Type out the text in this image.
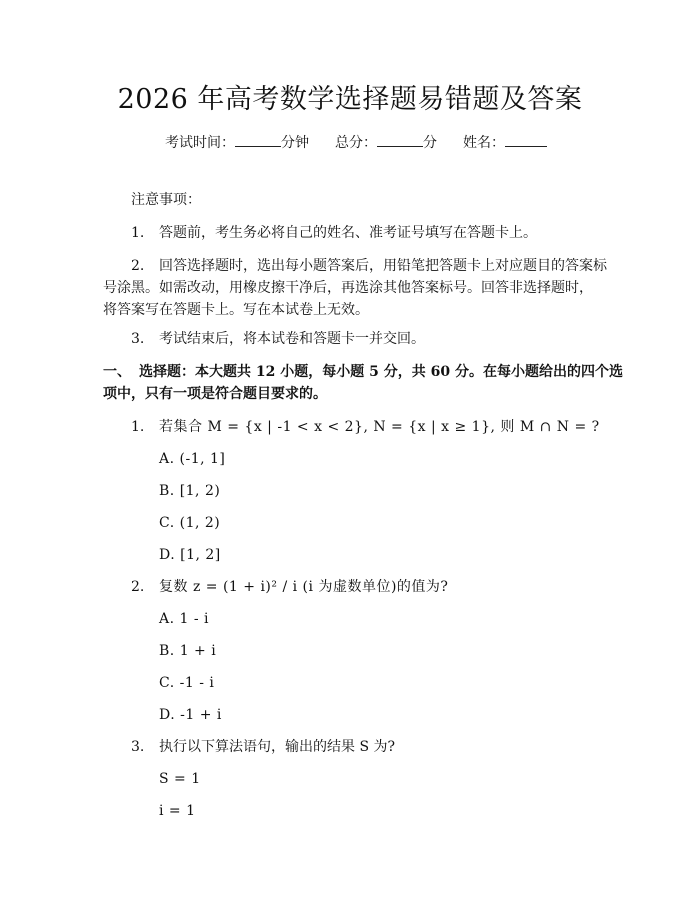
2026 年高考数学选择题易错题及答案
考试时间：	分钟 总分：	分 姓名：
注意事项：
1. 答题前，考生务必将自己的姓名、准考证号填写在答题卡上。
2. 回答选择题时，选出每小题答案后，用铅笔把答题卡上对应题目的答案标
号涂黑。如需改动，用橡皮擦干净后，再选涂其他答案标号。回答非选择题时，将答案写在答题卡上。写在本试卷上无效。
3. 考试结束后，将本试卷和答题卡一并交回。
一、 选择题：本大题共 12 小题，每小题 5 分，共 60 分。在每小题给出的四个选
项中，只有一项是符合题目要求的。
1. 若集合 M = {x | -1 < x < 2}, N = {x | x ≥ 1}, 则 M ∩ N = ?
A. (-1, 1]
B. [1, 2)
C. (1, 2)
D. [1, 2]
2. 复数 z = (1 + i)² / i (i 为虚数单位)的值为?
A. 1 - i
B. 1 + i
C. -1 - i
D. -1 + i
3. 执行以下算法语句，输出的结果 S 为?
S = 1
i = 1
